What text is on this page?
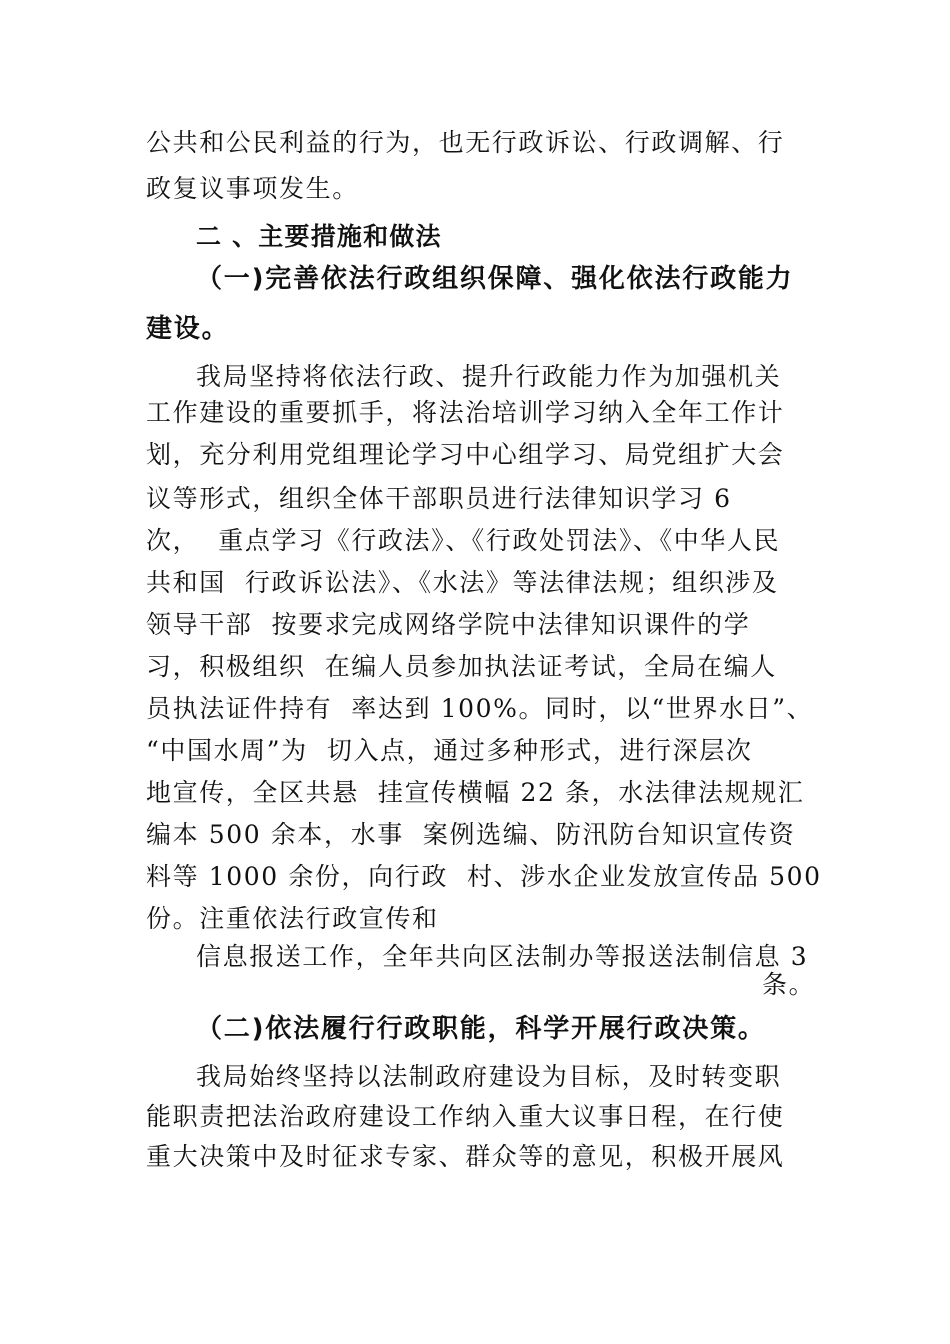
公共和公民利益的行为，也无行政诉讼、行政调解、行

政复议事项发生。

二 、主要措施和做法

（一)完善依法行政组织保障、强化依法行政能力

建设。

我局坚持将依法行政、提升行政能力作为加强机关

工作建设的重要抓手，将法治培训学习纳入全年工作计

划，充分利用党组理论学习中心组学习、局党组扩大会

议等形式，组织全体干部职员进行法律知识学习 6

次，  重点学习《行政法》、《行政处罚法》、《中华人民

共和国  行政诉讼法》、《水法》等法律法规；组织涉及

领导干部  按要求完成网络学院中法律知识课件的学

习，积极组织  在编人员参加执法证考试，全局在编人

员执法证件持有  率达到 100%。同时，以“世界水日”、

“中国水周”为  切入点，通过多种形式，进行深层次

地宣传，全区共悬  挂宣传横幅 22 条，水法律法规规汇

编本 500 余本，水事  案例选编、防汛防台知识宣传资

料等 1000 余份，向行政  村、涉水企业发放宣传品 500

份。注重依法行政宣传和

信息报送工作，全年共向区法制办等报送法制信息 3

条。

（二)依法履行行政职能，科学开展行政决策。

我局始终坚持以法制政府建设为目标，及时转变职

能职责把法治政府建设工作纳入重大议事日程，在行使

重大决策中及时征求专家、群众等的意见，积极开展风
